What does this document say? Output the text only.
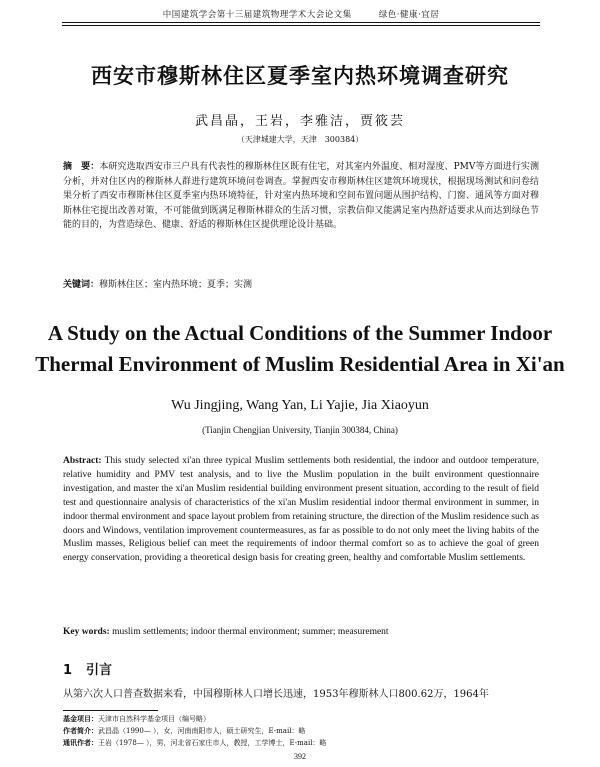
中国建筑学会第十三届建筑物理学术大会论文集　　　绿色·健康·宜居
西安市穆斯林住区夏季室内热环境调查研究
武昌晶，王岩，李雅洁，贾筱芸
（天津城建大学，天津　300384）
摘　要：本研究选取西安市三户具有代表性的穆斯林住区既有住宅，对其室内外温度、相对湿度、PMV等方面进行实测分析，并对住区内的穆斯林人群进行建筑环境问卷调查。掌握西安市穆斯林住区建筑环境现状，根据现场测试和问卷结果分析了西安市穆斯林住区夏季室内热环境特征，针对室内热环境和空间布置问题从围护结构、门窗、通风等方面对穆斯林住宅提出改善对策，不可能做到既满足穆斯林群众的生活习惯，宗教信仰又能满足室内热舒适要求从而达到绿色节能的目的，为营造绿色、健康、舒适的穆斯林住区提供理论设计基础。
关键词：穆斯林住区；室内热环境；夏季；实测
A Study on the Actual Conditions of the Summer Indoor
Thermal Environment of Muslim Residential Area in Xi'an
Wu Jingjing, Wang Yan, Li Yajie, Jia Xiaoyun
(Tianjin Chengjian University, Tianjin 300384, China)
Abstract: This study selected xi'an three typical Muslim settlements both residential, the indoor and outdoor temperature, relative humidity and PMV test analysis, and to live the Muslim population in the built environment questionnaire investigation, and master the xi'an Muslim residential building environment present situation, according to the result of field test and questionnaire analysis of characteristics of the xi'an Muslim residential indoor thermal environment in summer, in indoor thermal environment and space layout problem from retaining structure, the direction of the Muslim residence such as doors and Windows, ventilation improvement countermeasures, as far as possible to do not only meet the living habits of the Muslim masses, Religious belief can meet the requirements of indoor thermal comfort so as to achieve the goal of green energy conservation, providing a theoretical design basis for creating green, healthy and comfortable Muslim settlements.
Key words: muslim settlements; indoor thermal environment; summer; measurement
1 引言
从第六次人口普查数据来看，中国穆斯林人口增长迅速，1953年穆斯林人口800.62万，1964年
基金项目：天津市自然科学基金项目（编号略）
作者简介：武昌晶（1990— ），女，河南南阳市人，硕士研究生，E-mail：略
通讯作者：王岩（1978— ），男，河北省石家庄市人，教授，工学博士，E-mail：略
392
